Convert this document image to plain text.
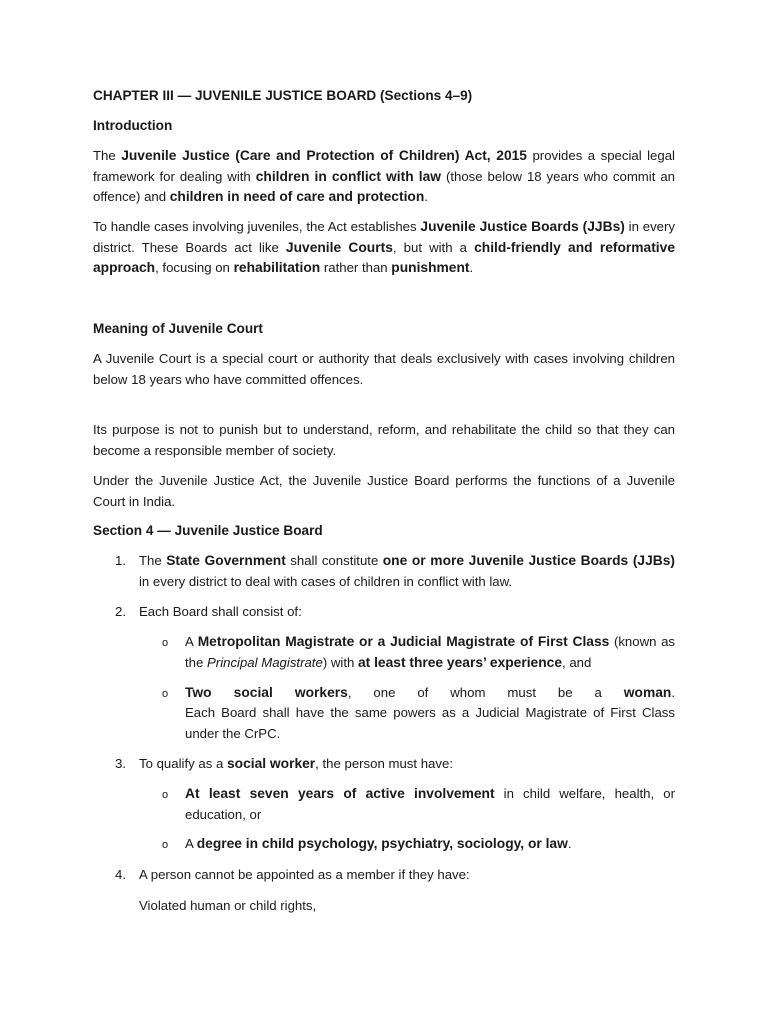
CHAPTER III — JUVENILE JUSTICE BOARD (Sections 4–9)
Introduction

The Juvenile Justice (Care and Protection of Children) Act, 2015 provides a special legal framework for dealing with children in conflict with law (those below 18 years who commit an offence) and children in need of care and protection.

To handle cases involving juveniles, the Act establishes Juvenile Justice Boards (JJBs) in every district. These Boards act like Juvenile Courts, but with a child-friendly and reformative approach, focusing on rehabilitation rather than punishment.

Meaning of Juvenile Court

A Juvenile Court is a special court or authority that deals exclusively with cases involving children below 18 years who have committed offences.

Its purpose is not to punish but to understand, reform, and rehabilitate the child so that they can become a responsible member of society.

Under the Juvenile Justice Act, the Juvenile Justice Board performs the functions of a Juvenile Court in India.

Section 4 — Juvenile Justice Board
1. The State Government shall constitute one or more Juvenile Justice Boards (JJBs) in every district to deal with cases of children in conflict with law.

2. Each Board shall consist of:

o A Metropolitan Magistrate or a Judicial Magistrate of First Class (known as the Principal Magistrate) with at least three years’ experience, and

o Two social workers, one of whom must be a woman.

Each Board shall have the same powers as a Judicial Magistrate of First Class under the CrPC.

3. To qualify as a social worker, the person must have:

o At least seven years of active involvement in child welfare, health, or education, or

o A degree in child psychology, psychiatry, sociology, or law.

4. A person cannot be appointed as a member if they have:

Violated human or child rights,
